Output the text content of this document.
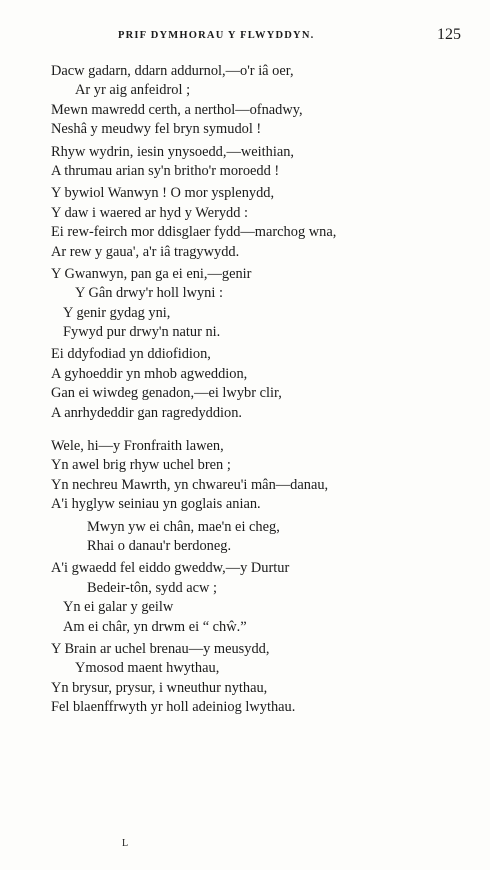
PRIF DYMHORAU Y FLWYDDYN.	125
Dacw gadarn, ddarn addurnol,—o'r iâ oer,
Ar yr aig anfeidrol ;
Mewn mawredd certh, a nerthol—ofnadwy,
Neshâ y meudwy fel bryn symudol !
Rhyw wydrin, iesin ynysoedd,—weithian,
A thrumau arian sy'n britho'r moroedd !
Y bywiol Wanwyn ! O mor ysplenydd,
Y daw i waered ar hyd y Werydd :
Ei rew-feirch mor ddisglaer fydd—marchog wna,
Ar rew y gaua', a'r iâ tragywydd.
Y Gwanwyn, pan ga ei eni,—genir
Y Gân drwy'r holl lwyni :
Y genir gydag yni,
Fywyd pur drwy'n natur ni.
Ei ddyfodiad yn ddiofidion,
A gyhoeddir yn mhob agweddion,
Gan ei wiwdeg genadon,—ei lwybr clir,
A anrhydeddir gan ragredyddion.
Wele, hi—y Fronfraith lawen,
Yn awel brig rhyw uchel bren ;
Yn nechreu Mawrth, yn chwareu'i mân—danau,
A'i hyglyw seiniau yn goglais anian.
Mwyn yw ei chân, mae'n ei cheg,
Rhai o danau'r berdoneg.
A'i gwaedd fel eiddo gweddw,—y Durtur
Bedeir-tôn, sydd acw ;
Yn ei galar y geilw
Am ei châr, yn drwm ei “ chŵ.”
Y Brain ar uchel brenau—y meusydd,
Ymosod maent hwythau,
Yn brysur, prysur, i wneuthur nythau,
Fel blaenffrwyth yr holl adeiniog lwythau.
L
